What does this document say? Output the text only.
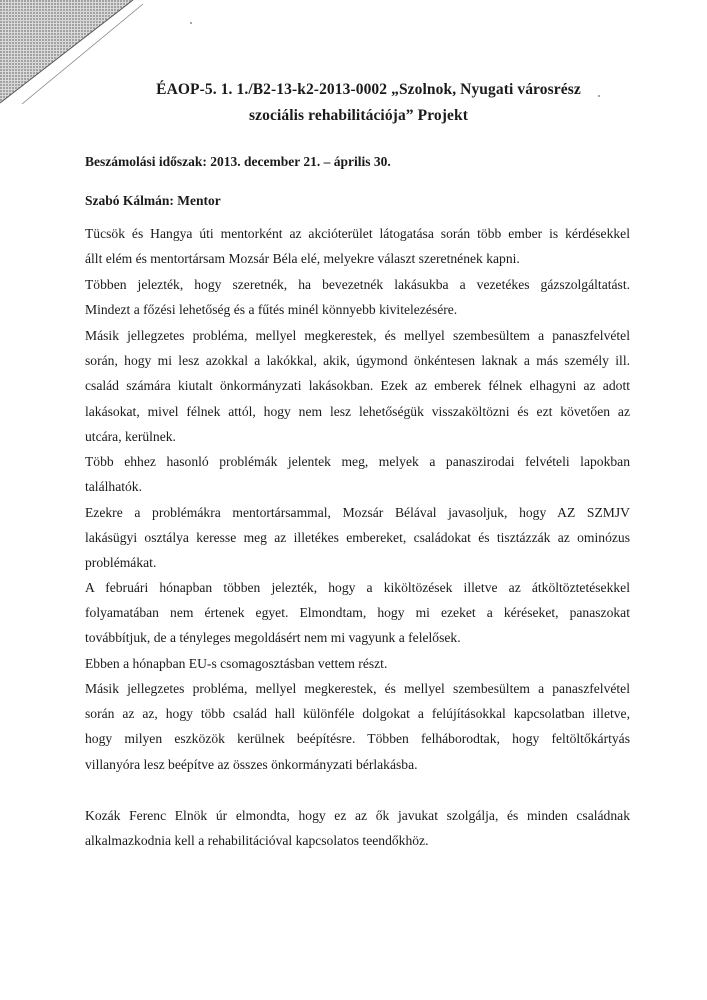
ÉAOP-5. 1. 1./B2-13-k2-2013-0002 „Szolnok, Nyugati városrész
szociális rehabilitációja” Projekt
Beszámolási időszak: 2013. december 21. – április 30.
Szabó Kálmán: Mentor
Tücsök és Hangya úti mentorként az akcióterület látogatása során több ember is kérdésekkel
állt elém és mentortársam Mozsár Béla elé, melyekre választ szeretnének kapni.
Többen jelezték, hogy szeretnék, ha bevezetnék lakásukba a vezetékes gázszolgáltatást.
Mindezt a főzési lehetőség és a fűtés minél könnyebb kivitelezésére.
Másik jellegzetes probléma, mellyel megkerestek, és mellyel szembesültem a panaszfelvétel
során, hogy mi lesz azokkal a lakókkal, akik, úgymond önkéntesen laknak a más személy ill.
család számára kiutalt önkormányzati lakásokban. Ezek az emberek félnek elhagyni az adott
lakásokat, mivel félnek attól, hogy nem lesz lehetőségük visszaköltözni és ezt követően az
utcára, kerülnek.
Több ehhez hasonló problémák jelentek meg, melyek a panaszirodai felvételi lapokban
találhatók.
Ezekre a problémákra mentortársammal, Mozsár Bélával javasoljuk, hogy AZ SZMJV
lakásügyi osztálya keresse meg az illetékes embereket, családokat és tisztázzák az ominózus
problémákat.
A februári hónapban többen jelezték, hogy a kiköltözések illetve az átköltöztetésekkel
folyamatában nem értenek egyet. Elmondtam, hogy mi ezeket a kéréseket, panaszokat
továbbítjuk, de a tényleges megoldásért nem mi vagyunk a felelősek.
Ebben a hónapban EU-s csomagosztásban vettem részt.
Másik jellegzetes probléma, mellyel megkerestek, és mellyel szembesültem a panaszfelvétel
során az az, hogy több család hall különféle dolgokat a felújításokkal kapcsolatban illetve,
hogy milyen eszközök kerülnek beépítésre. Többen felháborodtak, hogy feltöltőkártyás
villanyóra lesz beépítve az összes önkormányzati bérlakásba.
Kozák Ferenc Elnök úr elmondta, hogy ez az ők javukat szolgálja, és minden családnak
alkalmazkodnia kell a rehabilitációval kapcsolatos teendőkhöz.
